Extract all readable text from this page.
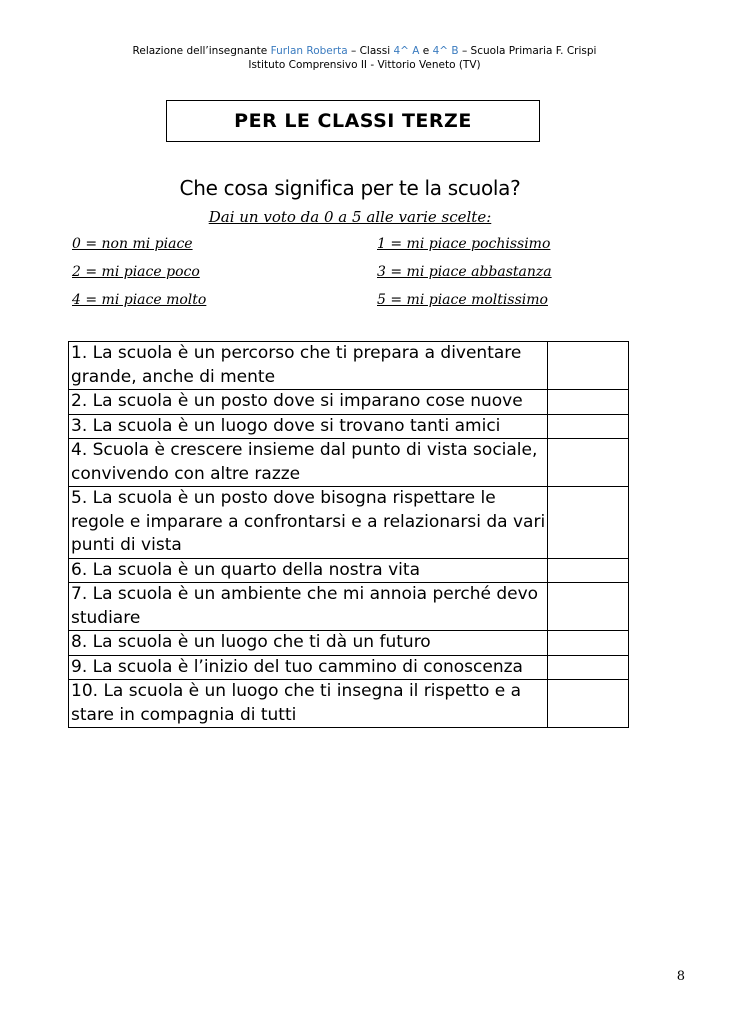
Relazione dell’insegnante Furlan Roberta – Classi 4^ A e 4^ B – Scuola Primaria F. Crispi
Istituto Comprensivo II - Vittorio Veneto (TV)
PER LE CLASSI TERZE
Che cosa significa per te la scuola?
Dai un voto da 0 a 5 alle varie scelte:
0 = non mi piace	1 = mi piace pochissimo
2 = mi piace poco	3 = mi piace abbastanza
4 = mi piace molto	5 = mi piace moltissimo
1. La scuola è un percorso che ti prepara a diventare grande, anche di mente	
2. La scuola è un posto dove si imparano cose nuove	
3. La scuola è un luogo dove si trovano tanti amici	
4. Scuola è crescere insieme dal punto di vista sociale, convivendo con altre razze	
5. La scuola è un posto dove bisogna rispettare le regole e imparare a confrontarsi e a relazionarsi da vari punti di vista	
6. La scuola è un quarto della nostra vita	
7. La scuola è un ambiente che mi annoia perché devo studiare	
8. La scuola è un luogo che ti dà un futuro	
9. La scuola è l’inizio del tuo cammino di conoscenza	
10. La scuola è un luogo che ti insegna il rispetto e a stare in compagnia di tutti	
8
